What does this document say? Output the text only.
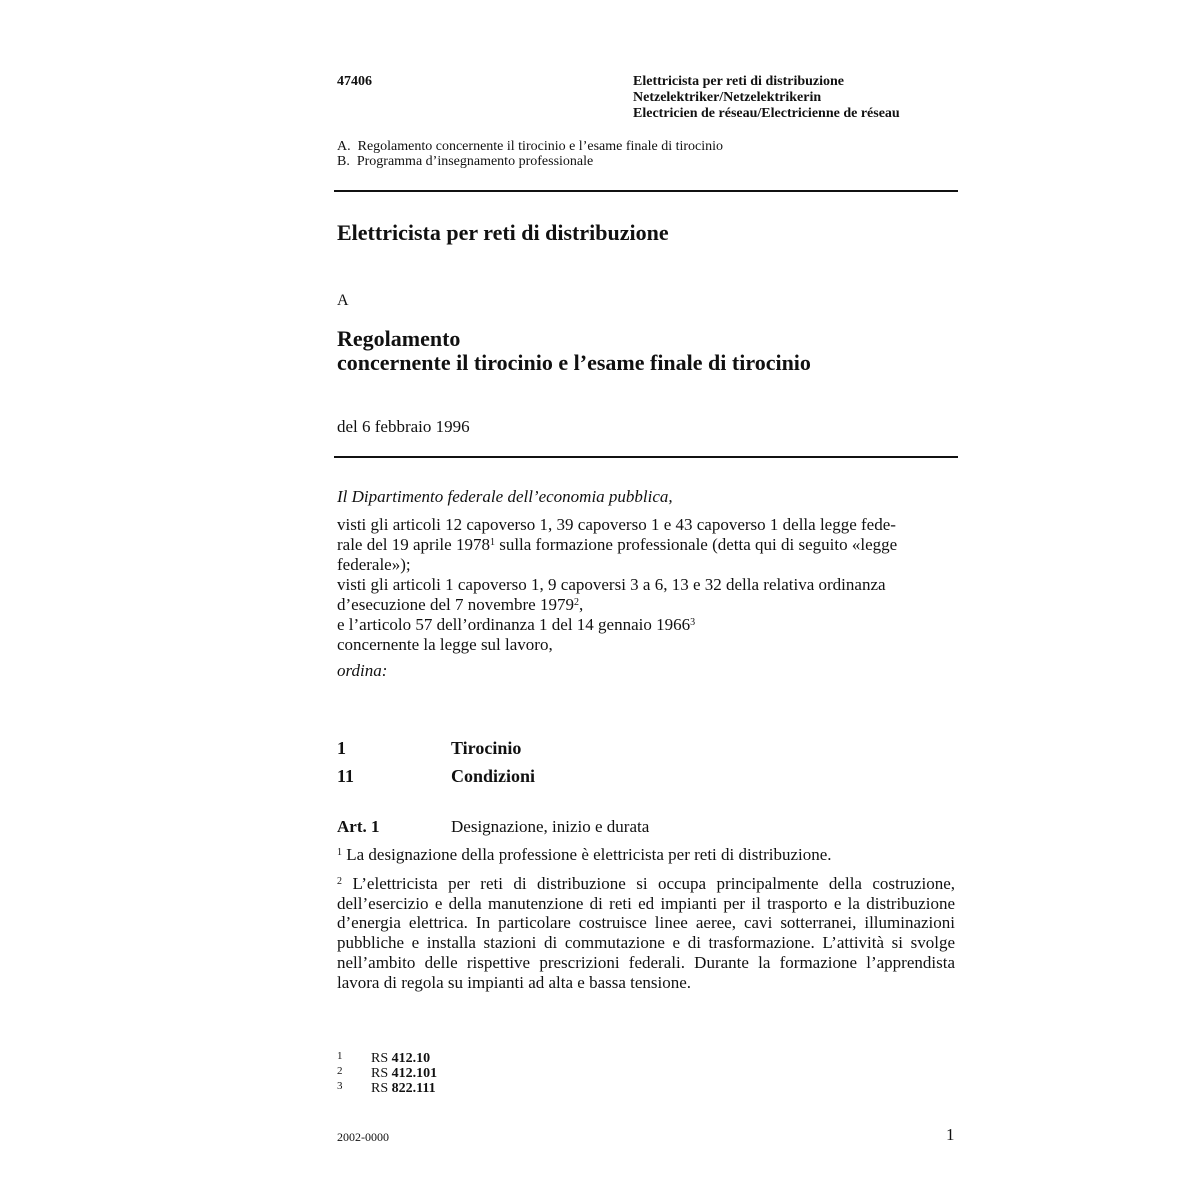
47406	Elettricista per reti di distribuzione
Netzelektriker/Netzelektrikerin
Electricien de réseau/Electricienne de réseau
A.  Regolamento concernente il tirocinio e l’esame finale di tirocinio
B.  Programma d’insegnamento professionale
Elettricista per reti di distribuzione
A
Regolamento
concernente il tirocinio e l’esame finale di tirocinio
del 6 febbraio 1996

Il Dipartimento federale dell’economia pubblica,

visti gli articoli 12 capoverso 1, 39 capoverso 1 e 43 capoverso 1 della legge fede-

rale del 19 aprile 1978$^1$ sulla formazione professionale (detta qui di seguito «legge

federale»);

visti gli articoli 1 capoverso 1, 9 capoversi 3 a 6, 13 e 32 della relativa ordinanza

d’esecuzione del 7 novembre 1979$^2$,

e l’articolo 57 dell’ordinanza 1 del 14 gennaio 1966$^3$

concernente la legge sul lavoro,

ordina:

1	Tirocinio
11	Condizioni
Art. 1	Designazione, inizio e durata
$^1$ La designazione della professione è elettricista per reti di distribuzione.
$^2$ L’elettricista per reti di distribuzione si occupa principalmente della costruzione, dell’esercizio e della manutenzione di reti ed impianti per il trasporto e la distribuzione d’energia elettrica. In particolare costruisce linee aeree, cavi sotterranei, illuminazioni pubbliche e installa stazioni di commutazione e di trasformazione. L’attività si svolge nell’ambito delle rispettive prescrizioni federali. Durante la formazione l’apprendista lavora di regola su impianti ad alta e bassa tensione.
1 RS 412.10
2 RS 412.101
3 RS 822.111
2002-0000	1
